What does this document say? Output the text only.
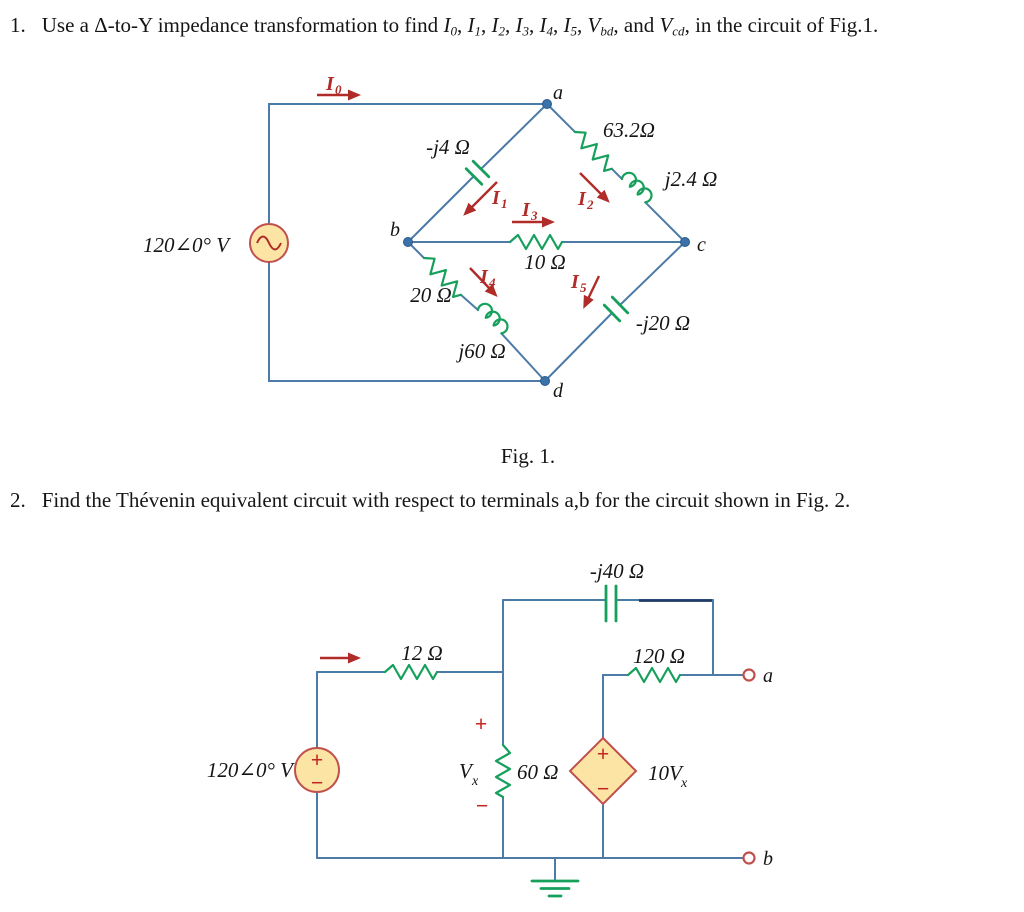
1. Use a Δ-to-Y impedance transformation to find I0, I1, I2, I3, I4, I5, Vbd, and Vcd, in the circuit of Fig.1.
120∠0° V
a
b
c
d
-j4 Ω
63.2Ω
j2.4 Ω
10 Ω
20 Ω
j60 Ω
-j20 Ω
I 0
I 1	I 2
I 3
I 4	I 5
+
−
120∠0° V
+
−
10V x
+
V x
−
-j40 Ω
12 Ω	120 Ω
60 Ω
a
b
Fig. 1.
2. Find the Thévenin equivalent circuit with respect to terminals a,b for the circuit shown in Fig. 2.
